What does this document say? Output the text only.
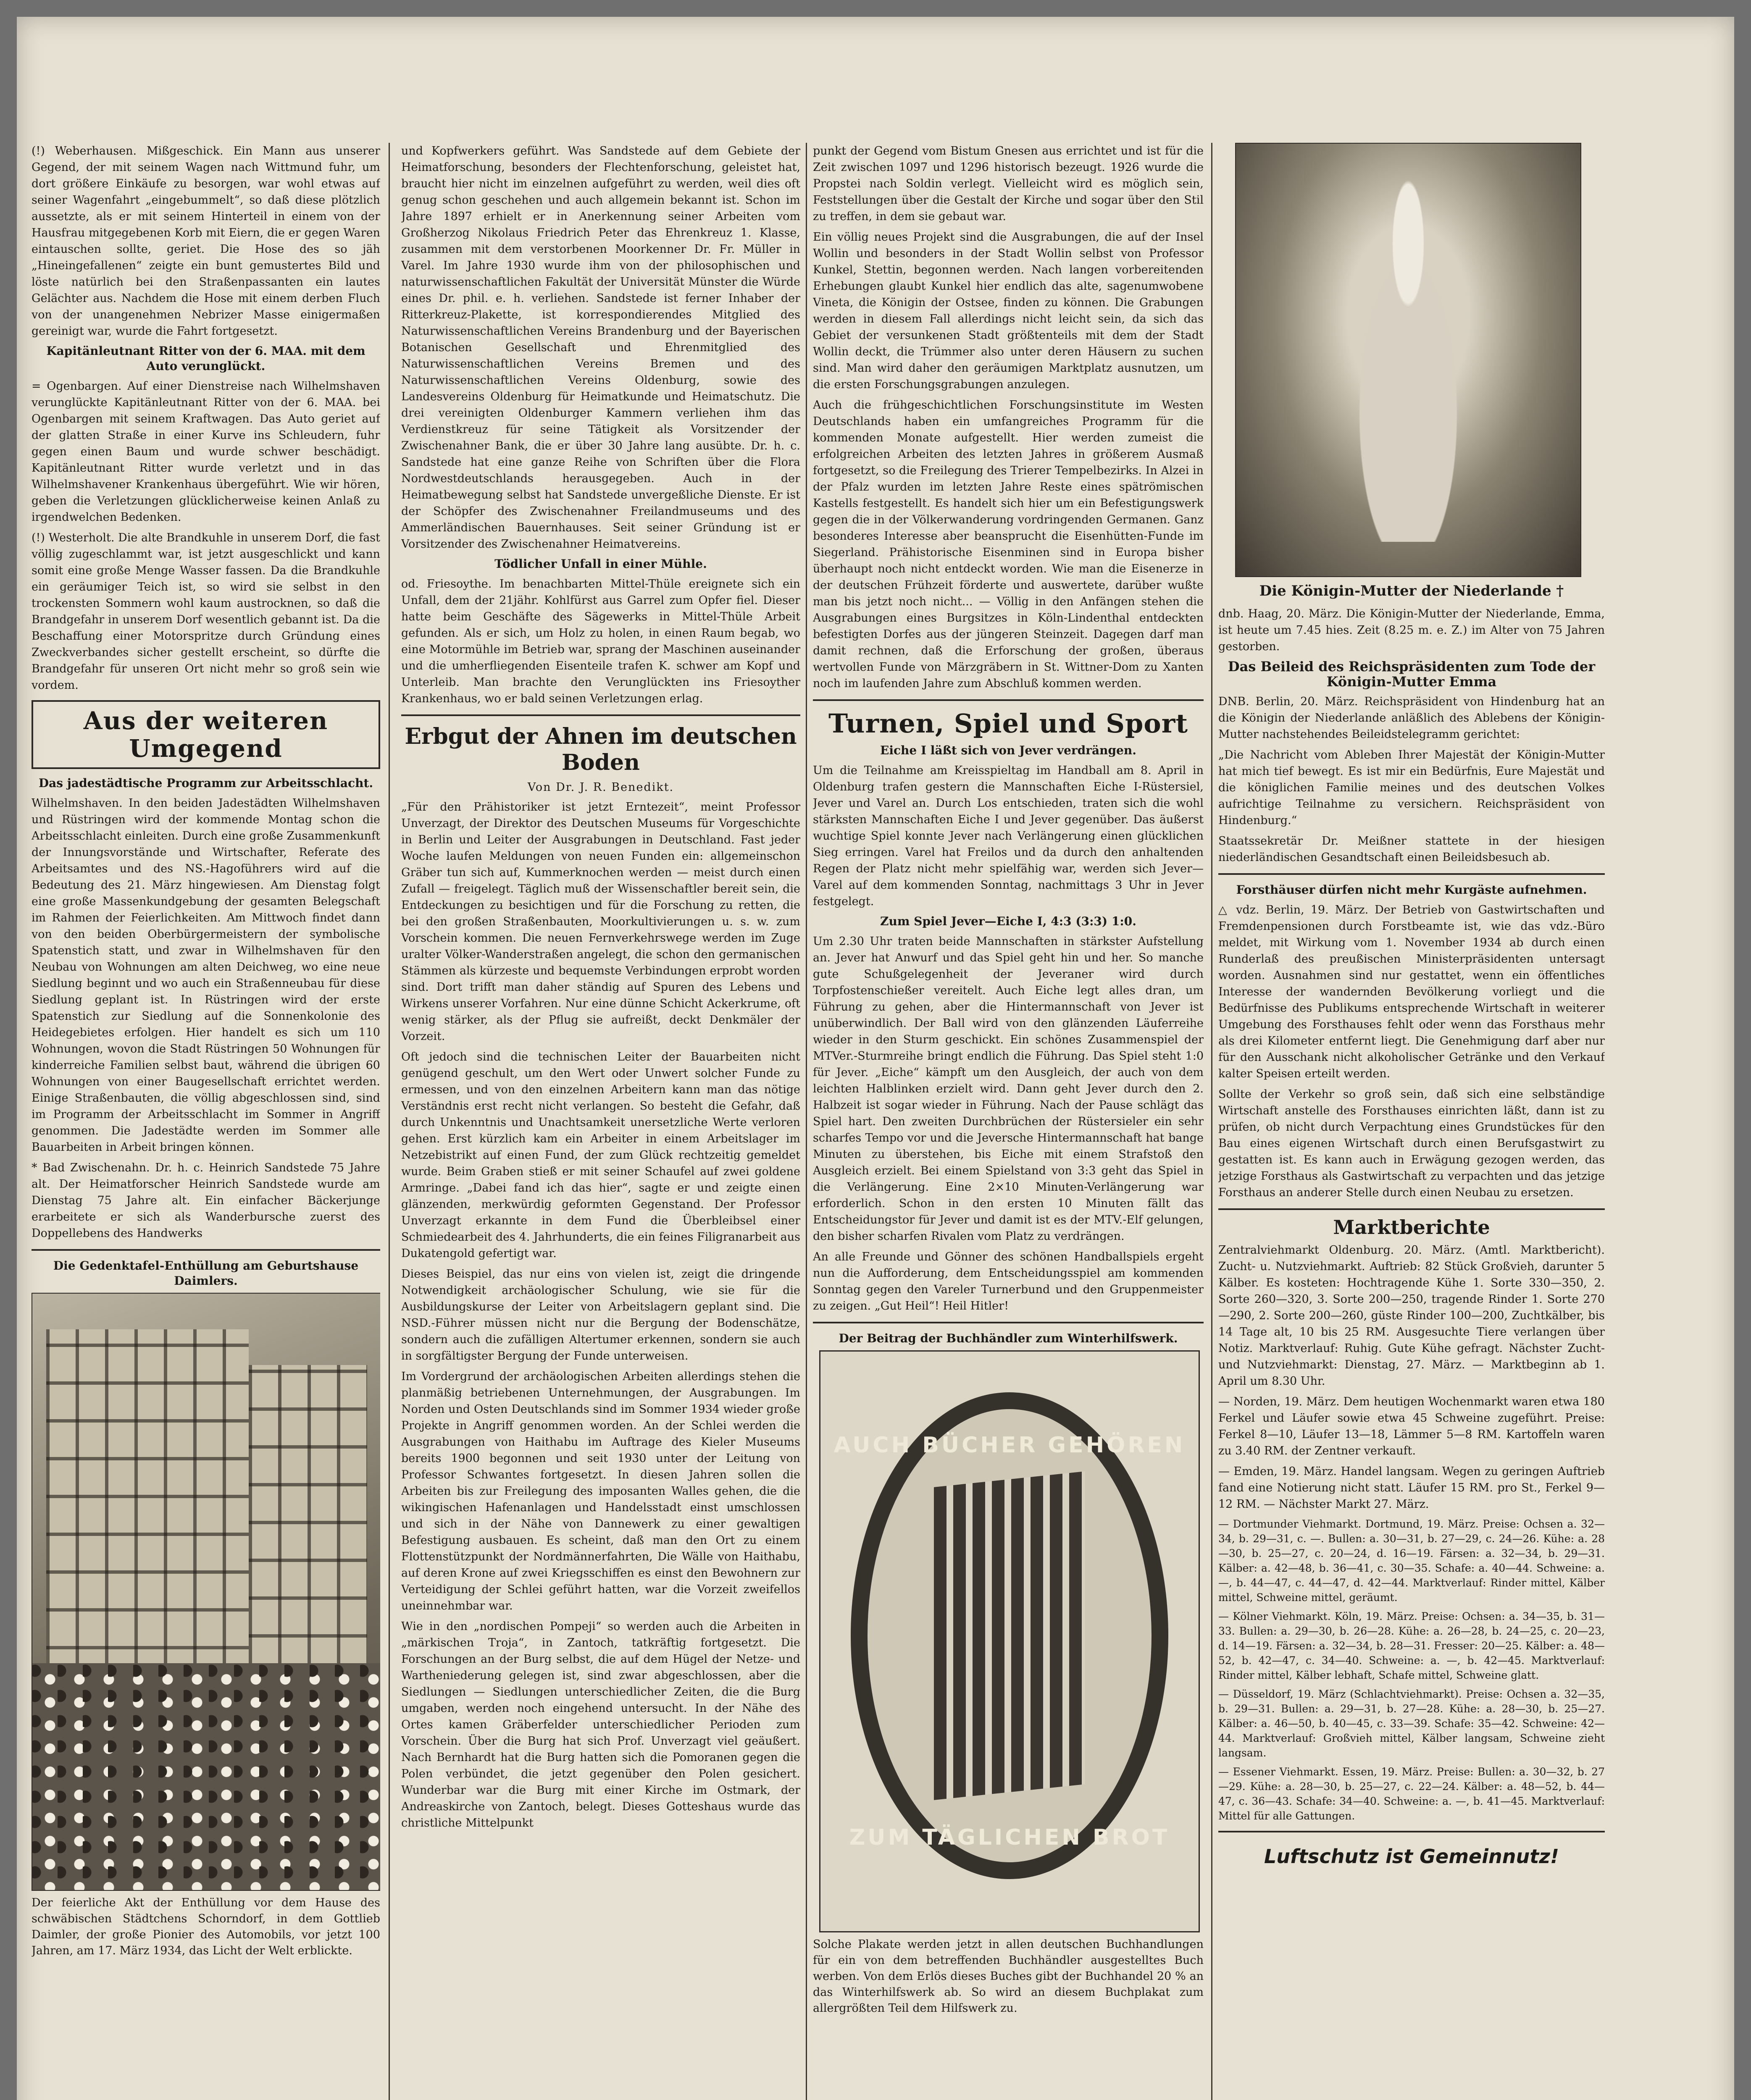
(!) Weberhausen. Mißgeschick. Ein Mann aus unserer Gegend, der mit seinem Wagen nach Wittmund fuhr, um dort größere Einkäufe zu besorgen, war wohl etwas auf seiner Wagenfahrt „eingebummelt“, so daß diese plötzlich aussetzte, als er mit seinem Hinterteil in einem von der Hausfrau mitgegebenen Korb mit Eiern, die er gegen Waren eintauschen sollte, geriet. Die Hose des so jäh „Hineingefallenen“ zeigte ein bunt gemustertes Bild und löste natürlich bei den Straßenpassanten ein lautes Gelächter aus. Nachdem die Hose mit einem derben Fluch von der unangenehmen Nebrizer Masse einigermaßen gereinigt war, wurde die Fahrt fortgesetzt.

Kapitänleutnant Ritter von der 6. MAA. mit dem Auto verunglückt.

= Ogenbargen. Auf einer Dienstreise nach Wilhelmshaven verunglückte Kapitänleutnant Ritter von der 6. MAA. bei Ogenbargen mit seinem Kraftwagen. Das Auto geriet auf der glatten Straße in einer Kurve ins Schleudern, fuhr gegen einen Baum und wurde schwer beschädigt. Kapitänleutnant Ritter wurde verletzt und in das Wilhelmshavener Krankenhaus übergeführt. Wie wir hören, geben die Verletzungen glücklicherweise keinen Anlaß zu irgendwelchen Bedenken.

(!) Westerholt. Die alte Brandkuhle in unserem Dorf, die fast völlig zugeschlammt war, ist jetzt ausgeschlickt und kann somit eine große Menge Wasser fassen. Da die Brandkuhle ein geräumiger Teich ist, so wird sie selbst in den trockensten Sommern wohl kaum austrocknen, so daß die Brandgefahr in unserem Dorf wesentlich gebannt ist. Da die Beschaffung einer Motorspritze durch Gründung eines Zweckverbandes sicher gestellt erscheint, so dürfte die Brandgefahr für unseren Ort nicht mehr so groß sein wie vordem.

Aus der weiteren Umgegend
Das jadestädtische Programm zur Arbeitsschlacht.

Wilhelmshaven. In den beiden Jadestädten Wilhelmshaven und Rüstringen wird der kommende Montag schon die Arbeitsschlacht einleiten. Durch eine große Zusammenkunft der Innungsvorstände und Wirtschafter, Referate des Arbeitsamtes und des NS.-Hagoführers wird auf die Bedeutung des 21. März hingewiesen. Am Dienstag folgt eine große Massenkundgebung der gesamten Belegschaft im Rahmen der Feierlichkeiten. Am Mittwoch findet dann von den beiden Oberbürgermeistern der symbolische Spatenstich statt, und zwar in Wilhelmshaven für den Neubau von Wohnungen am alten Deichweg, wo eine neue Siedlung beginnt und wo auch ein Straßenneubau für diese Siedlung geplant ist. In Rüstringen wird der erste Spatenstich zur Siedlung auf die Sonnenkolonie des Heidegebietes erfolgen. Hier handelt es sich um 110 Wohnungen, wovon die Stadt Rüstringen 50 Wohnungen für kinderreiche Familien selbst baut, während die übrigen 60 Wohnungen von einer Baugesellschaft errichtet werden. Einige Straßenbauten, die völlig abgeschlossen sind, sind im Programm der Arbeitsschlacht im Sommer in Angriff genommen. Die Jadestädte werden im Sommer alle Bauarbeiten in Arbeit bringen können.

* Bad Zwischenahn. Dr. h. c. Heinrich Sandstede 75 Jahre alt. Der Heimatforscher Heinrich Sandstede wurde am Dienstag 75 Jahre alt. Ein einfacher Bäckerjunge erarbeitete er sich als Wanderbursche zuerst des Doppellebens des Handwerks

Die Gedenktafel-Enthüllung am Geburtshause Daimlers.
Der feierliche Akt der Enthüllung vor dem Hause des schwäbischen Städtchens Schorndorf, in dem Gottlieb Daimler, der große Pionier des Automobils, vor jetzt 100 Jahren, am 17. März 1934, das Licht der Welt erblickte.

und Kopfwerkers geführt. Was Sandstede auf dem Gebiete der Heimatforschung, besonders der Flechtenforschung, geleistet hat, braucht hier nicht im einzelnen aufgeführt zu werden, weil dies oft genug schon geschehen und auch allgemein bekannt ist. Schon im Jahre 1897 erhielt er in Anerkennung seiner Arbeiten vom Großherzog Nikolaus Friedrich Peter das Ehrenkreuz 1. Klasse, zusammen mit dem verstorbenen Moorkenner Dr. Fr. Müller in Varel. Im Jahre 1930 wurde ihm von der philosophischen und naturwissenschaftlichen Fakultät der Universität Münster die Würde eines Dr. phil. e. h. verliehen. Sandstede ist ferner Inhaber der Ritterkreuz-Plakette, ist korrespondierendes Mitglied des Naturwissenschaftlichen Vereins Brandenburg und der Bayerischen Botanischen Gesellschaft und Ehrenmitglied des Naturwissenschaftlichen Vereins Bremen und des Naturwissenschaftlichen Vereins Oldenburg, sowie des Landesvereins Oldenburg für Heimatkunde und Heimatschutz. Die drei vereinigten Oldenburger Kammern verliehen ihm das Verdienstkreuz für seine Tätigkeit als Vorsitzender der Zwischenahner Bank, die er über 30 Jahre lang ausübte. Dr. h. c. Sandstede hat eine ganze Reihe von Schriften über die Flora Nordwestdeutschlands herausgegeben. Auch in der Heimatbewegung selbst hat Sandstede unvergeßliche Dienste. Er ist der Schöpfer des Zwischenahner Freilandmuseums und des Ammerländischen Bauernhauses. Seit seiner Gründung ist er Vorsitzender des Zwischenahner Heimatvereins.

Tödlicher Unfall in einer Mühle.

od. Friesoythe. Im benachbarten Mittel-Thüle ereignete sich ein Unfall, dem der 21jähr. Kohlfürst aus Garrel zum Opfer fiel. Dieser hatte beim Geschäfte des Sägewerks in Mittel-Thüle Arbeit gefunden. Als er sich, um Holz zu holen, in einen Raum begab, wo eine Motormühle im Betrieb war, sprang der Maschinen auseinander und die umherfliegenden Eisenteile trafen K. schwer am Kopf und Unterleib. Man brachte den Verunglückten ins Friesoyther Krankenhaus, wo er bald seinen Verletzungen erlag.

Erbgut der Ahnen im deutschen Boden
Von Dr. J. R. Benedikt.

„Für den Prähistoriker ist jetzt Erntezeit“, meint Professor Unverzagt, der Direktor des Deutschen Museums für Vorgeschichte in Berlin und Leiter der Ausgrabungen in Deutschland. Fast jeder Woche laufen Meldungen von neuen Funden ein: allgemeinschon Gräber tun sich auf, Kummerknochen werden — meist durch einen Zufall — freigelegt. Täglich muß der Wissenschaftler bereit sein, die Entdeckungen zu besichtigen und für die Forschung zu retten, die bei den großen Straßenbauten, Moorkultivierungen u. s. w. zum Vorschein kommen. Die neuen Fernverkehrswege werden im Zuge uralter Völker-Wanderstraßen angelegt, die schon den germanischen Stämmen als kürzeste und bequemste Verbindungen erprobt worden sind. Dort trifft man daher ständig auf Spuren des Lebens und Wirkens unserer Vorfahren. Nur eine dünne Schicht Ackerkrume, oft wenig stärker, als der Pflug sie aufreißt, deckt Denkmäler der Vorzeit.

Oft jedoch sind die technischen Leiter der Bauarbeiten nicht genügend geschult, um den Wert oder Unwert solcher Funde zu ermessen, und von den einzelnen Arbeitern kann man das nötige Verständnis erst recht nicht verlangen. So besteht die Gefahr, daß durch Unkenntnis und Unachtsamkeit unersetzliche Werte verloren gehen. Erst kürzlich kam ein Arbeiter in einem Arbeitslager im Netzebistrikt auf einen Fund, der zum Glück rechtzeitig gemeldet wurde. Beim Graben stieß er mit seiner Schaufel auf zwei goldene Armringe. „Dabei fand ich das hier“, sagte er und zeigte einen glänzenden, merkwürdig geformten Gegenstand. Der Professor Unverzagt erkannte in dem Fund die Überbleibsel einer Schmiedearbeit des 4. Jahrhunderts, die ein feines Filigranarbeit aus Dukatengold gefertigt war.

Dieses Beispiel, das nur eins von vielen ist, zeigt die dringende Notwendigkeit archäologischer Schulung, wie sie für die Ausbildungskurse der Leiter von Arbeitslagern geplant sind. Die NSD.-Führer müssen nicht nur die Bergung der Bodenschätze, sondern auch die zufälligen Altertumer erkennen, sondern sie auch in sorgfältigster Bergung der Funde unterweisen.

Im Vordergrund der archäologischen Arbeiten allerdings stehen die planmäßig betriebenen Unternehmungen, der Ausgrabungen. Im Norden und Osten Deutschlands sind im Sommer 1934 wieder große Projekte in Angriff genommen worden. An der Schlei werden die Ausgrabungen von Haithabu im Auftrage des Kieler Museums bereits 1900 begonnen und seit 1930 unter der Leitung von Professor Schwantes fortgesetzt. In diesen Jahren sollen die Arbeiten bis zur Freilegung des imposanten Walles gehen, die die wikingischen Hafenanlagen und Handelsstadt einst umschlossen und sich in der Nähe von Dannewerk zu einer gewaltigen Befestigung ausbauen. Es scheint, daß man den Ort zu einem Flottenstützpunkt der Nordmännerfahrten, Die Wälle von Haithabu, auf deren Krone auf zwei Kriegsschiffen es einst den Bewohnern zur Verteidigung der Schlei geführt hatten, war die Vorzeit zweifellos uneinnehmbar war.

Wie in den „nordischen Pompeji“ so werden auch die Arbeiten in „märkischen Troja“, in Zantoch, tatkräftig fortgesetzt. Die Forschungen an der Burg selbst, die auf dem Hügel der Netze- und Wartheniederung gelegen ist, sind zwar abgeschlossen, aber die Siedlungen — Siedlungen unterschiedlicher Zeiten, die die Burg umgaben, werden noch eingehend untersucht. In der Nähe des Ortes kamen Gräberfelder unterschiedlicher Perioden zum Vorschein. Über die Burg hat sich Prof. Unverzagt viel geäußert. Nach Bernhardt hat die Burg hatten sich die Pomoranen gegen die Polen verbündet, die jetzt gegenüber den Polen gesichert. Wunderbar war die Burg mit einer Kirche im Ostmark, der Andreaskirche von Zantoch, belegt. Dieses Gotteshaus wurde das christliche Mittelpunkt

punkt der Gegend vom Bistum Gnesen aus errichtet und ist für die Zeit zwischen 1097 und 1296 historisch bezeugt. 1926 wurde die Propstei nach Soldin verlegt. Vielleicht wird es möglich sein, Feststellungen über die Gestalt der Kirche und sogar über den Stil zu treffen, in dem sie gebaut war.

Ein völlig neues Projekt sind die Ausgrabungen, die auf der Insel Wollin und besonders in der Stadt Wollin selbst von Professor Kunkel, Stettin, begonnen werden. Nach langen vorbereitenden Erhebungen glaubt Kunkel hier endlich das alte, sagenumwobene Vineta, die Königin der Ostsee, finden zu können. Die Grabungen werden in diesem Fall allerdings nicht leicht sein, da sich das Gebiet der versunkenen Stadt größtenteils mit dem der Stadt Wollin deckt, die Trümmer also unter deren Häusern zu suchen sind. Man wird daher den geräumigen Marktplatz ausnutzen, um die ersten Forschungsgrabungen anzulegen.

Auch die frühgeschichtlichen Forschungsinstitute im Westen Deutschlands haben ein umfangreiches Programm für die kommenden Monate aufgestellt. Hier werden zumeist die erfolgreichen Arbeiten des letzten Jahres in größerem Ausmaß fortgesetzt, so die Freilegung des Trierer Tempelbezirks. In Alzei in der Pfalz wurden im letzten Jahre Reste eines spätrömischen Kastells festgestellt. Es handelt sich hier um ein Befestigungswerk gegen die in der Völkerwanderung vordringenden Germanen. Ganz besonderes Interesse aber beansprucht die Eisenhütten-Funde im Siegerland. Prähistorische Eisenminen sind in Europa bisher überhaupt noch nicht entdeckt worden. Wie man die Eisenerze in der deutschen Frühzeit förderte und auswertete, darüber wußte man bis jetzt noch nicht... — Völlig in den Anfängen stehen die Ausgrabungen eines Burgsitzes in Köln-Lindenthal entdeckten befestigten Dorfes aus der jüngeren Steinzeit. Dagegen darf man damit rechnen, daß die Erforschung der großen, überaus wertvollen Funde von Märzgräbern in St. Wittner-Dom zu Xanten noch im laufenden Jahre zum Abschluß kommen werden.

Turnen, Spiel und Sport
Eiche I läßt sich von Jever verdrängen.

Um die Teilnahme am Kreisspieltag im Handball am 8. April in Oldenburg trafen gestern die Mannschaften Eiche I-Rüstersiel, Jever und Varel an. Durch Los entschieden, traten sich die wohl stärksten Mannschaften Eiche I und Jever gegenüber. Das äußerst wuchtige Spiel konnte Jever nach Verlängerung einen glücklichen Sieg erringen. Varel hat Freilos und da durch den anhaltenden Regen der Platz nicht mehr spielfähig war, werden sich Jever—Varel auf dem kommenden Sonntag, nachmittags 3 Uhr in Jever festgelegt.

Zum Spiel Jever—Eiche I, 4:3 (3:3) 1:0.

Um 2.30 Uhr traten beide Mannschaften in stärkster Aufstellung an. Jever hat Anwurf und das Spiel geht hin und her. So manche gute Schußgelegenheit der Jeveraner wird durch Torpfostenschießer vereitelt. Auch Eiche legt alles dran, um Führung zu gehen, aber die Hintermannschaft von Jever ist unüberwindlich. Der Ball wird von den glänzenden Läuferreihe wieder in den Sturm geschickt. Ein schönes Zusammenspiel der MTVer.-Sturmreihe bringt endlich die Führung. Das Spiel steht 1:0 für Jever. „Eiche“ kämpft um den Ausgleich, der auch von dem leichten Halblinken erzielt wird. Dann geht Jever durch den 2. Halbzeit ist sogar wieder in Führung. Nach der Pause schlägt das Spiel hart. Den zweiten Durchbrüchen der Rüstersieler ein sehr scharfes Tempo vor und die Jeversche Hintermannschaft hat bange Minuten zu überstehen, bis Eiche mit einem Strafstoß den Ausgleich erzielt. Bei einem Spielstand von 3:3 geht das Spiel in die Verlängerung. Eine 2×10 Minuten-Verlängerung war erforderlich. Schon in den ersten 10 Minuten fällt das Entscheidungstor für Jever und damit ist es der MTV.-Elf gelungen, den bisher scharfen Rivalen vom Platz zu verdrängen.

An alle Freunde und Gönner des schönen Handballspiels ergeht nun die Aufforderung, dem Entscheidungsspiel am kommenden Sonntag gegen den Vareler Turnerbund und den Gruppenmeister zu zeigen. „Gut Heil“! Heil Hitler!

Der Beitrag der Buchhändler zum Winterhilfswerk.
AUCH BÜCHER GEHÖREN
ZUM TÄGLICHEN BROT
Solche Plakate werden jetzt in allen deutschen Buchhandlungen für ein von dem betreffenden Buchhändler ausgestelltes Buch werben. Von dem Erlös dieses Buches gibt der Buchhandel 20 % an das Winterhilfswerk ab. So wird an diesem Buchplakat zum allergrößten Teil dem Hilfswerk zu.
Die Königin-Mutter der Niederlande †

dnb. Haag, 20. März. Die Königin-Mutter der Niederlande, Emma, ist heute um 7.45 hies. Zeit (8.25 m. e. Z.) im Alter von 75 Jahren gestorben.

Das Beileid des Reichspräsidenten zum Tode der Königin-Mutter Emma

DNB. Berlin, 20. März. Reichspräsident von Hindenburg hat an die Königin der Niederlande anläßlich des Ablebens der Königin-Mutter nachstehendes Beileidstelegramm gerichtet:

„Die Nachricht vom Ableben Ihrer Majestät der Königin-Mutter hat mich tief bewegt. Es ist mir ein Bedürfnis, Eure Majestät und die königlichen Familie meines und des deutschen Volkes aufrichtige Teilnahme zu versichern. Reichspräsident von Hindenburg.“

Staatssekretär Dr. Meißner stattete in der hiesigen niederländischen Gesandtschaft einen Beileidsbesuch ab.

Forsthäuser dürfen nicht mehr Kurgäste aufnehmen.

△ vdz. Berlin, 19. März. Der Betrieb von Gastwirtschaften und Fremdenpensionen durch Forstbeamte ist, wie das vdz.-Büro meldet, mit Wirkung vom 1. November 1934 ab durch einen Runderlaß des preußischen Ministerpräsidenten untersagt worden. Ausnahmen sind nur gestattet, wenn ein öffentliches Interesse der wandernden Bevölkerung vorliegt und die Bedürfnisse des Publikums entsprechende Wirtschaft in weiterer Umgebung des Forsthauses fehlt oder wenn das Forsthaus mehr als drei Kilometer entfernt liegt. Die Genehmigung darf aber nur für den Ausschank nicht alkoholischer Getränke und den Verkauf kalter Speisen erteilt werden.

Sollte der Verkehr so groß sein, daß sich eine selbständige Wirtschaft anstelle des Forsthauses einrichten läßt, dann ist zu prüfen, ob nicht durch Verpachtung eines Grundstückes für den Bau eines eigenen Wirtschaft durch einen Berufsgastwirt zu gestatten ist. Es kann auch in Erwägung gezogen werden, das jetzige Forsthaus als Gastwirtschaft zu verpachten und das jetzige Forsthaus an anderer Stelle durch einen Neubau zu ersetzen.

Marktberichte

Zentralviehmarkt Oldenburg. 20. März. (Amtl. Marktbericht). Zucht- u. Nutzviehmarkt. Auftrieb: 82 Stück Großvieh, darunter 5 Kälber. Es kosteten: Hochtragende Kühe 1. Sorte 330—350, 2. Sorte 260—320, 3. Sorte 200—250, tragende Rinder 1. Sorte 270—290, 2. Sorte 200—260, güste Rinder 100—200, Zuchtkälber, bis 14 Tage alt, 10 bis 25 RM. Ausgesuchte Tiere verlangen über Notiz. Marktverlauf: Ruhig. Gute Kühe gefragt. Nächster Zucht- und Nutzviehmarkt: Dienstag, 27. März. — Marktbeginn ab 1. April um 8.30 Uhr.

— Norden, 19. März. Dem heutigen Wochenmarkt waren etwa 180 Ferkel und Läufer sowie etwa 45 Schweine zugeführt. Preise: Ferkel 8—10, Läufer 13—18, Lämmer 5—8 RM. Kartoffeln waren zu 3.40 RM. der Zentner verkauft.

— Emden, 19. März. Handel langsam. Wegen zu geringen Auftrieb fand eine Notierung nicht statt. Läufer 15 RM. pro St., Ferkel 9—12 RM. — Nächster Markt 27. März.

— Dortmunder Viehmarkt. Dortmund, 19. März. Preise: Ochsen a. 32—34, b. 29—31, c. —. Bullen: a. 30—31, b. 27—29, c. 24—26. Kühe: a. 28—30, b. 25—27, c. 20—24, d. 16—19. Färsen: a. 32—34, b. 29—31. Kälber: a. 42—48, b. 36—41, c. 30—35. Schafe: a. 40—44. Schweine: a. —, b. 44—47, c. 44—47, d. 42—44. Marktverlauf: Rinder mittel, Kälber mittel, Schweine mittel, geräumt.

— Kölner Viehmarkt. Köln, 19. März. Preise: Ochsen: a. 34—35, b. 31—33. Bullen: a. 29—30, b. 26—28. Kühe: a. 26—28, b. 24—25, c. 20—23, d. 14—19. Färsen: a. 32—34, b. 28—31. Fresser: 20—25. Kälber: a. 48—52, b. 42—47, c. 34—40. Schweine: a. —, b. 42—45. Marktverlauf: Rinder mittel, Kälber lebhaft, Schafe mittel, Schweine glatt.

— Düsseldorf, 19. März (Schlachtviehmarkt). Preise: Ochsen a. 32—35, b. 29—31. Bullen: a. 29—31, b. 27—28. Kühe: a. 28—30, b. 25—27. Kälber: a. 46—50, b. 40—45, c. 33—39. Schafe: 35—42. Schweine: 42—44. Marktverlauf: Großvieh mittel, Kälber langsam, Schweine zieht langsam.

— Essener Viehmarkt. Essen, 19. März. Preise: Bullen: a. 30—32, b. 27—29. Kühe: a. 28—30, b. 25—27, c. 22—24. Kälber: a. 48—52, b. 44—47, c. 36—43. Schafe: 34—40. Schweine: a. —, b. 41—45. Marktverlauf: Mittel für alle Gattungen.

Luftschutz ist Gemeinnutz!
